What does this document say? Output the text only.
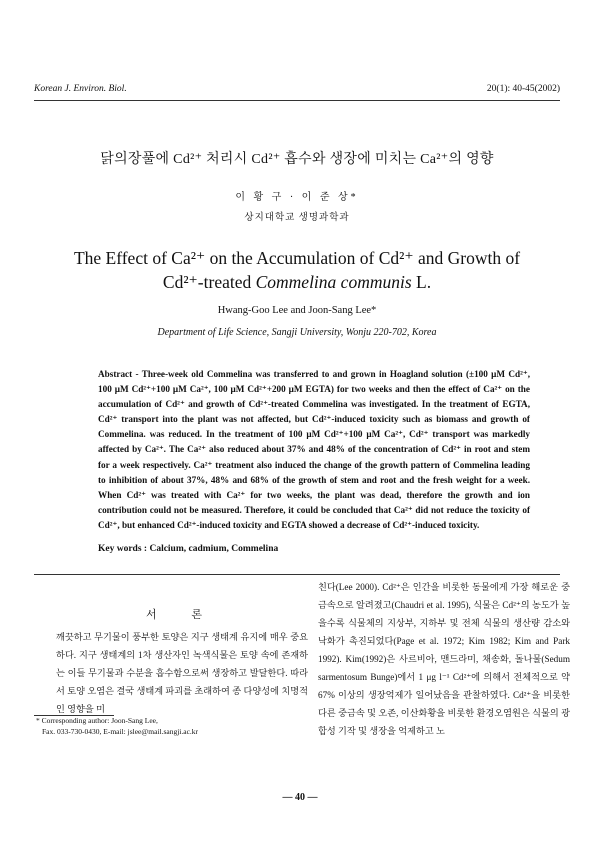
Korean J. Environ. Biol.	20(1): 40-45(2002)
닭의장풀에 Cd²⁺ 처리시 Cd²⁺ 흡수와 생장에 미치는 Ca²⁺의 영향
이 황 구 · 이 준 상*
상지대학교 생명과학과
The Effect of Ca²⁺ on the Accumulation of Cd²⁺ and Growth of
Cd²⁺-treated Commelina communis L.
Hwang-Goo Lee and Joon-Sang Lee*
Department of Life Science, Sangji University, Wonju 220-702, Korea
Abstract - Three-week old Commelina was transferred to and grown in Hoagland solution (±100 μM Cd²⁺, 100 μM Cd²⁺+100 μM Ca²⁺, 100 μM Cd²⁺+200 μM EGTA) for two weeks and then the effect of Ca²⁺ on the accumulation of Cd²⁺ and growth of Cd²⁺-treated Commelina was investigated. In the treatment of EGTA, Cd²⁺ transport into the plant was not affected, but Cd²⁺-induced toxicity such as biomass and growth of Commelina. was reduced. In the treatment of 100 μM Cd²⁺+100 μM Ca²⁺, Cd²⁺ transport was markedly affected by Ca²⁺. The Ca²⁺ also reduced about 37% and 48% of the concentration of Cd²⁺ in root and stem for a week respectively. Ca²⁺ treatment also induced the change of the growth pattern of Commelina leading to inhibition of about 37%, 48% and 68% of the growth of stem and root and the fresh weight for a week. When Cd²⁺ was treated with Ca²⁺ for two weeks, the plant was dead, therefore the growth and ion contribution could not be measured. Therefore, it could be concluded that Ca²⁺ did not reduce the toxicity of Cd²⁺, but enhanced Cd²⁺-induced toxicity and EGTA showed a decrease of Cd²⁺-induced toxicity.
Key words : Calcium, cadmium, Commelina
서 론
깨끗하고 무기물이 풍부한 토양은 지구 생태계 유지에 매우 중요하다. 지구 생태계의 1차 생산자인 녹색식물은 토양 속에 존재하는 이들 무기물과 수분을 흡수함으로써 생장하고 발달한다. 따라서 토양 오염은 결국 생태계 파괴를 초래하여 종 다양성에 치명적인 영향을 미
친다(Lee 2000). Cd²⁺은 인간을 비롯한 동물에게 가장 해로운 중금속으로 알려졌고(Chaudri et al. 1995), 식물은 Cd²⁺의 농도가 높을수록 식물체의 지상부, 지하부 및 전체 식물의 생산량 감소와 낙화가 촉진되었다(Page et al. 1972; Kim 1982; Kim and Park 1992). Kim(1992)은 사르비아, 맨드라미, 채송화, 돌나물(Sedum sarmentosum Bunge)에서 1 μg l⁻¹ Cd²⁺에 의해서 전체적으로 약 67% 이상의 생장억제가 일어났음을 관찰하였다. Cd²⁺을 비롯한 다른 중금속 및 오존, 이산화황을 비롯한 환경오염원은 식물의 광합성 기작 및 생장을 억제하고 노
* Corresponding author: Joon-Sang Lee,
Fax. 033-730-0430, E-mail: jslee@mail.sangji.ac.kr
— 40 —
